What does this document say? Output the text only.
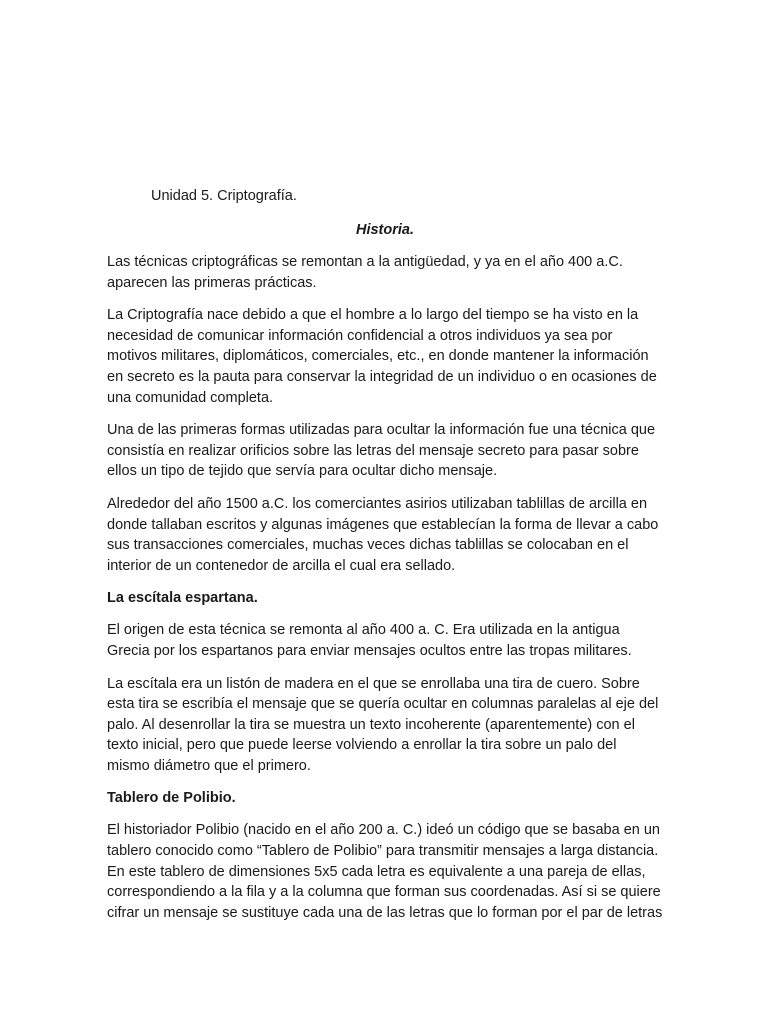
Unidad 5. Criptografía.
Historia.

Las técnicas criptográficas se remontan a la antigüedad, y ya en el año 400 a.C. aparecen las primeras prácticas.

La Criptografía nace debido a que el hombre a lo largo del tiempo se ha visto en la necesidad de comunicar información confidencial a otros individuos ya sea por motivos militares, diplomáticos, comerciales, etc., en donde mantener la información en secreto es la pauta para conservar la integridad de un individuo o en ocasiones de una comunidad completa.

Una de las primeras formas utilizadas para ocultar la información fue una técnica que consistía en realizar orificios sobre las letras del mensaje secreto para pasar sobre ellos un tipo de tejido que servía para ocultar dicho mensaje.

Alrededor del año 1500 a.C. los comerciantes asirios utilizaban tablillas de arcilla en donde tallaban escritos y algunas imágenes que establecían la forma de llevar a cabo sus transacciones comerciales, muchas veces dichas tablillas se colocaban en el interior de un contenedor de arcilla el cual era sellado.

La escítala espartana.

El origen de esta técnica se remonta al año 400 a. C. Era utilizada en la antigua Grecia por los espartanos para enviar mensajes ocultos entre las tropas militares.

La escítala era un listón de madera en el que se enrollaba una tira de cuero. Sobre esta tira se escribía el mensaje que se quería ocultar en columnas paralelas al eje del palo. Al desenrollar la tira se muestra un texto incoherente (aparentemente) con el texto inicial, pero que puede leerse volviendo a enrollar la tira sobre un palo del mismo diámetro que el primero.

Tablero de Polibio.

El historiador Polibio (nacido en el año 200 a. C.) ideó un código que se basaba en un tablero conocido como “Tablero de Polibio” para transmitir mensajes a larga distancia. En este tablero de dimensiones 5x5 cada letra es equivalente a una pareja de ellas, correspondiendo a la fila y a la columna que forman sus coordenadas. Así si se quiere cifrar un mensaje se sustituye cada una de las letras que lo forman por el par de letras
